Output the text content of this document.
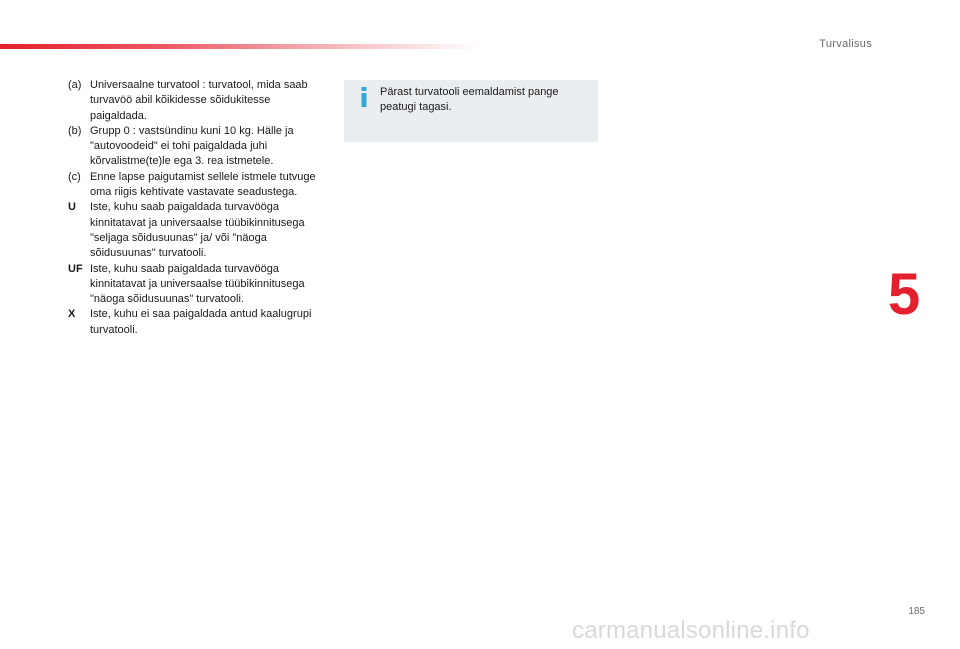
Turvalisus
(a) Universaalne turvatool : turvatool, mida saab turvavöö abil kõikidesse sõidukitesse paigaldada.
(b) Grupp 0 : vastsündinu kuni 10 kg. Hälle ja "autovoodeid" ei tohi paigaldada juhi kõrvalistme(te)le ega 3. rea istmetele.
(c) Enne lapse paigutamist sellele istmele tutvuge oma riigis kehtivate vastavate seadustega.
U	Iste, kuhu saab paigaldada turvavööga kinnitatavat ja universaalse tüübikinnitusega "seljaga sõidusuunas" ja/ või "näoga sõidusuunas" turvatooli.
UF Iste, kuhu saab paigaldada turvavööga kinnitatavat ja universaalse tüübikinnitusega "näoga sõidusuunas" turvatooli.
X	Iste, kuhu ei saa paigaldada antud kaalugrupi turvatooli.
Pärast turvatooli eemaldamist pange peatugi tagasi.
5
185
carmanualsonline.info
